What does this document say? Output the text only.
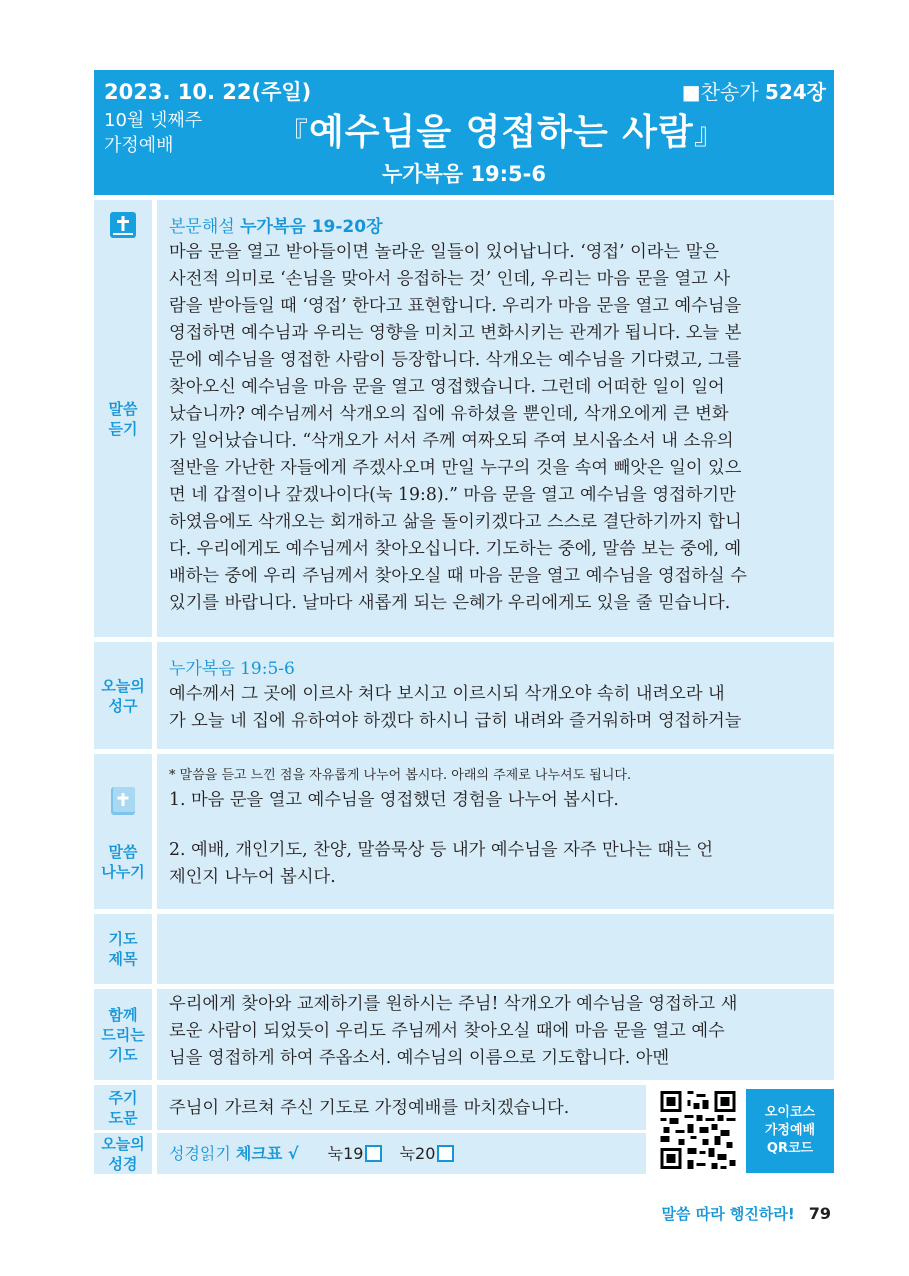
2023. 10. 22(주일)
10월 넷째주
가정예배
■찬송가 524장
『예수님을 영접하는 사람』
누가복음 19:5-6
말씀
듣기
본문해설 누가복음 19-20장
마음 문을 열고 받아들이면 놀라운 일들이 있어납니다. ‘영접’ 이라는 말은
사전적 의미로 ‘손님을 맞아서 응접하는 것’ 인데, 우리는 마음 문을 열고 사
람을 받아들일 때 ‘영접’ 한다고 표현합니다. 우리가 마음 문을 열고 예수님을
영접하면 예수님과 우리는 영향을 미치고 변화시키는 관계가 됩니다. 오늘 본
문에 예수님을 영접한 사람이 등장합니다. 삭개오는 예수님을 기다렸고, 그를
찾아오신 예수님을 마음 문을 열고 영접했습니다. 그런데 어떠한 일이 일어
났습니까? 예수님께서 삭개오의 집에 유하셨을 뿐인데, 삭개오에게 큰 변화
가 일어났습니다. “삭개오가 서서 주께 여짜오되 주여 보시옵소서 내 소유의
절반을 가난한 자들에게 주겠사오며 만일 누구의 것을 속여 빼앗은 일이 있으
면 네 갑절이나 갚겠나이다(눅 19:8).” 마음 문을 열고 예수님을 영접하기만
하였음에도 삭개오는 회개하고 삶을 돌이키겠다고 스스로 결단하기까지 합니
다. 우리에게도 예수님께서 찾아오십니다. 기도하는 중에, 말씀 보는 중에, 예
배하는 중에 우리 주님께서 찾아오실 때 마음 문을 열고 예수님을 영접하실 수
있기를 바랍니다. 날마다 새롭게 되는 은혜가 우리에게도 있을 줄 믿습니다.
오늘의
성구
누가복음 19:5-6
예수께서 그 곳에 이르사 쳐다 보시고 이르시되 삭개오야 속히 내려오라 내
가 오늘 네 집에 유하여야 하겠다 하시니 급히 내려와 즐거워하며 영접하거늘
말씀
나누기
* 말씀을 듣고 느낀 점을 자유롭게 나누어 봅시다. 아래의 주제로 나누셔도 됩니다.
1. 마음 문을 열고 예수님을 영접했던 경험을 나누어 봅시다.
2. 예배, 개인기도, 찬양, 말씀묵상 등 내가 예수님을 자주 만나는 때는 언
제인지 나누어 봅시다.
기도
제목
함께
드리는
기도
우리에게 찾아와 교제하기를 원하시는 주님! 삭개오가 예수님을 영접하고 새
로운 사람이 되었듯이 우리도 주님께서 찾아오실 때에 마음 문을 열고 예수
님을 영접하게 하여 주옵소서. 예수님의 이름으로 기도합니다. 아멘
주기
도문 주님이 가르쳐 주신 기도로 가정예배를 마치겠습니다.
오늘의
성경
성경읽기 체크표 √ 눅19 눅20
오이코스
가정예배
QR코드
말씀 따라 행진하라! 79
